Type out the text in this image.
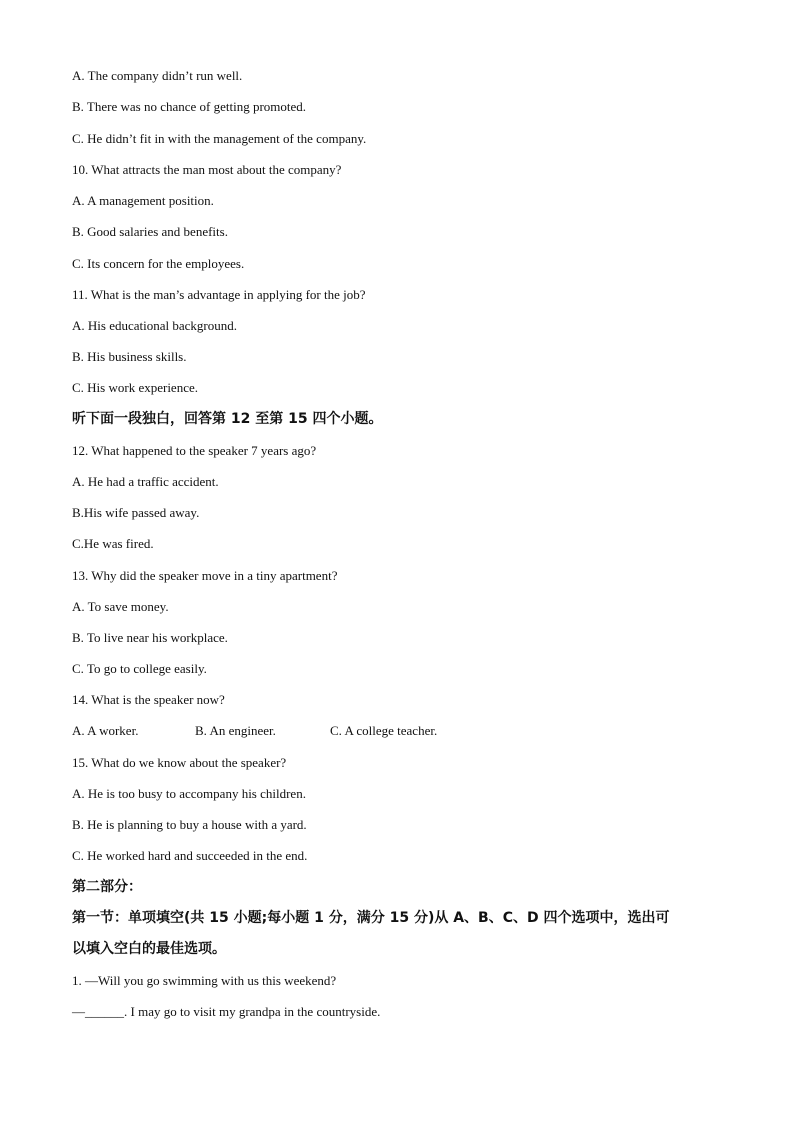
A. The company didn’t run well.
B. There was no chance of getting promoted.
C. He didn’t fit in with the management of the company.
10. What attracts the man most about the company?
A. A management position.
B. Good salaries and benefits.
C. Its concern for the employees.
11. What is the man’s advantage in applying for the job?
A. His educational background.
B. His business skills.
C. His work experience.
听下面一段独白，回答第 12 至第 15 四个小题。
12. What happened to the speaker 7 years ago?
A. He had a traffic accident.
B.His wife passed away.
C.He was fired.
13. Why did the speaker move in a tiny apartment?
A. To save money.
B. To live near his workplace.
C. To go to college easily.
14. What is the speaker now?
A. A worker.	B. An engineer.	C. A college teacher.
15. What do we know about the speaker?
A. He is too busy to accompany his children.
B. He is planning to buy a house with a yard.
C. He worked hard and succeeded in the end.
第二部分：
第一节：单项填空(共 15 小题;每小题 1 分，满分 15 分)从 A、B、C、D 四个选项中，选出可
以填入空白的最佳选项。
1. —Will you go swimming with us this weekend?
—______. I may go to visit my grandpa in the countryside.
